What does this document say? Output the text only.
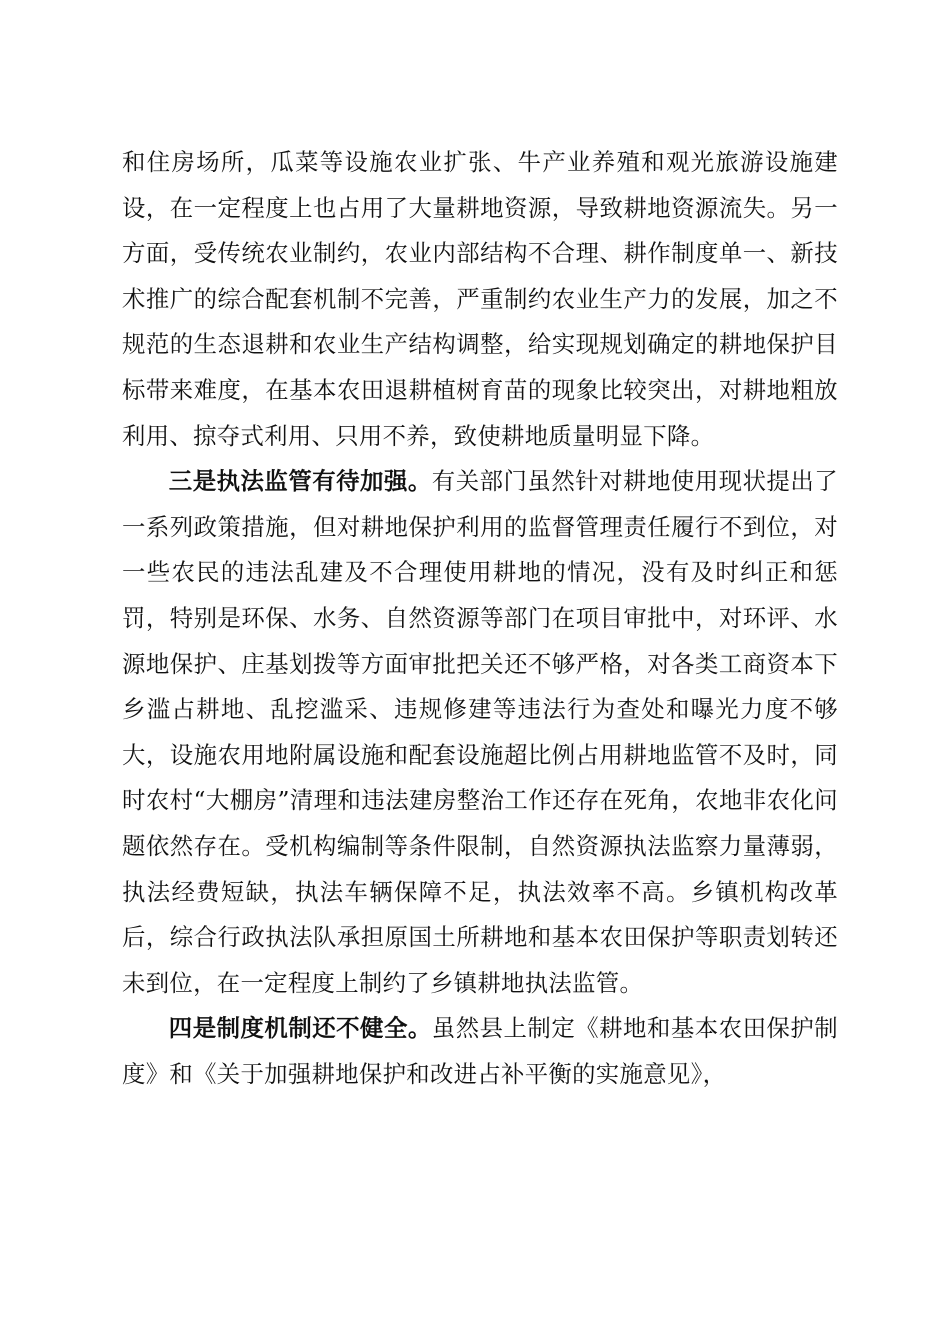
和住房场所，瓜菜等设施农业扩张、牛产业养殖和观光旅游设施建设，在一定程度上也占用了大量耕地资源，导致耕地资源流失。另一方面，受传统农业制约，农业内部结构不合理、耕作制度单一、新技术推广的综合配套机制不完善，严重制约农业生产力的发展，加之不规范的生态退耕和农业生产结构调整，给实现规划确定的耕地保护目标带来难度，在基本农田退耕植树育苗的现象比较突出，对耕地粗放利用、掠夺式利用、只用不养，致使耕地质量明显下降。

三是执法监管有待加强。有关部门虽然针对耕地使用现状提出了一系列政策措施，但对耕地保护利用的监督管理责任履行不到位，对一些农民的违法乱建及不合理使用耕地的情况，没有及时纠正和惩罚，特别是环保、水务、自然资源等部门在项目审批中，对环评、水源地保护、庄基划拨等方面审批把关还不够严格，对各类工商资本下乡滥占耕地、乱挖滥采、违规修建等违法行为查处和曝光力度不够大，设施农用地附属设施和配套设施超比例占用耕地监管不及时，同时农村“大棚房”清理和违法建房整治工作还存在死角，农地非农化问题依然存在。受机构编制等条件限制，自然资源执法监察力量薄弱，执法经费短缺，执法车辆保障不足，执法效率不高。乡镇机构改革后，综合行政执法队承担原国土所耕地和基本农田保护等职责划转还未到位，在一定程度上制约了乡镇耕地执法监管。

四是制度机制还不健全。虽然县上制定《耕地和基本农田保护制度》和《关于加强耕地保护和改进占补平衡的实施意见》，
